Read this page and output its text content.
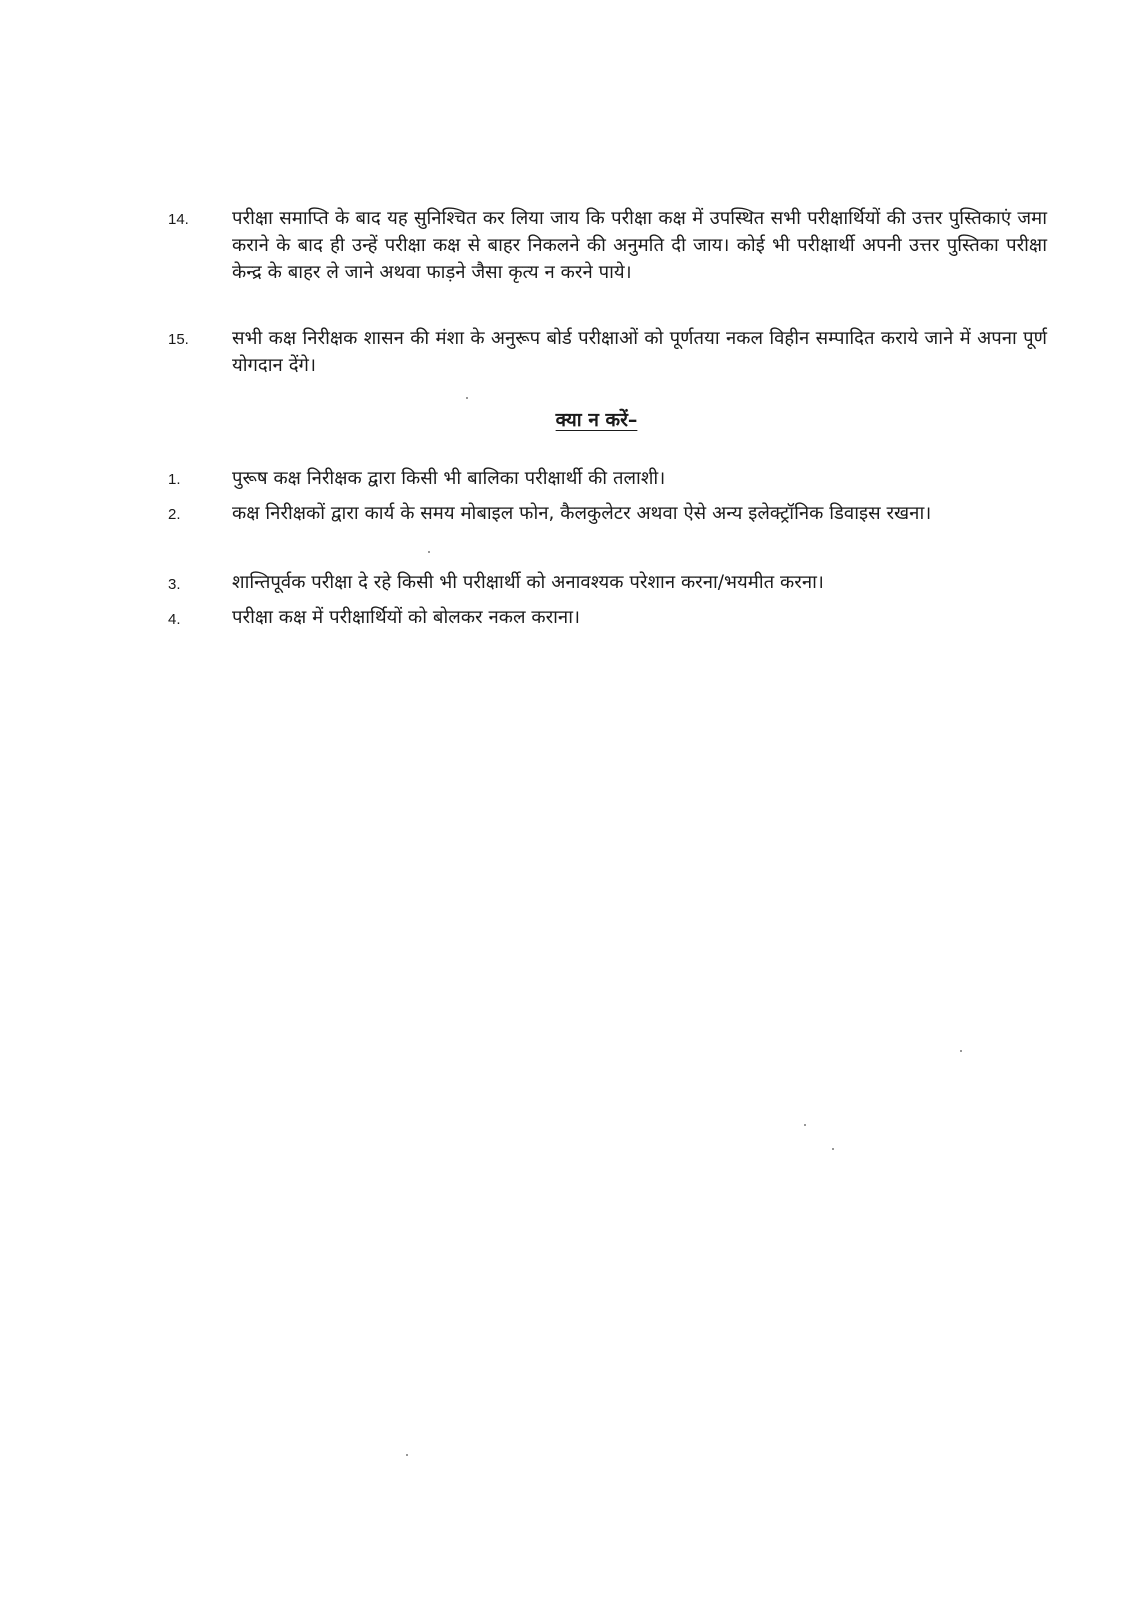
14. परीक्षा समाप्ति के बाद यह सुनिश्चित कर लिया जाय कि परीक्षा कक्ष में उपस्थित सभी परीक्षार्थियों की उत्तर पुस्तिकाएं जमा कराने के बाद ही उन्हें परीक्षा कक्ष से बाहर निकलने की अनुमति दी जाय। कोई भी परीक्षार्थी अपनी उत्तर पुस्तिका परीक्षा केन्द्र के बाहर ले जाने अथवा फाड़ने जैसा कृत्य न करने पाये।
15. सभी कक्ष निरीक्षक शासन की मंशा के अनुरूप बोर्ड परीक्षाओं को पूर्णतया नकल विहीन सम्पादित कराये जाने में अपना पूर्ण योगदान देंगे।
क्या न करें–
1.	पुरूष कक्ष निरीक्षक द्वारा किसी भी बालिका परीक्षार्थी की तलाशी।
2.	कक्ष निरीक्षकों द्वारा कार्य के समय मोबाइल फोन, कैलकुलेटर अथवा ऐसे अन्य इलेक्ट्रॉनिक डिवाइस रखना।
3.	शान्तिपूर्वक परीक्षा दे रहे किसी भी परीक्षार्थी को अनावश्यक परेशान करना/भयमीत करना।
4.	परीक्षा कक्ष में परीक्षार्थियों को बोलकर नकल कराना।
